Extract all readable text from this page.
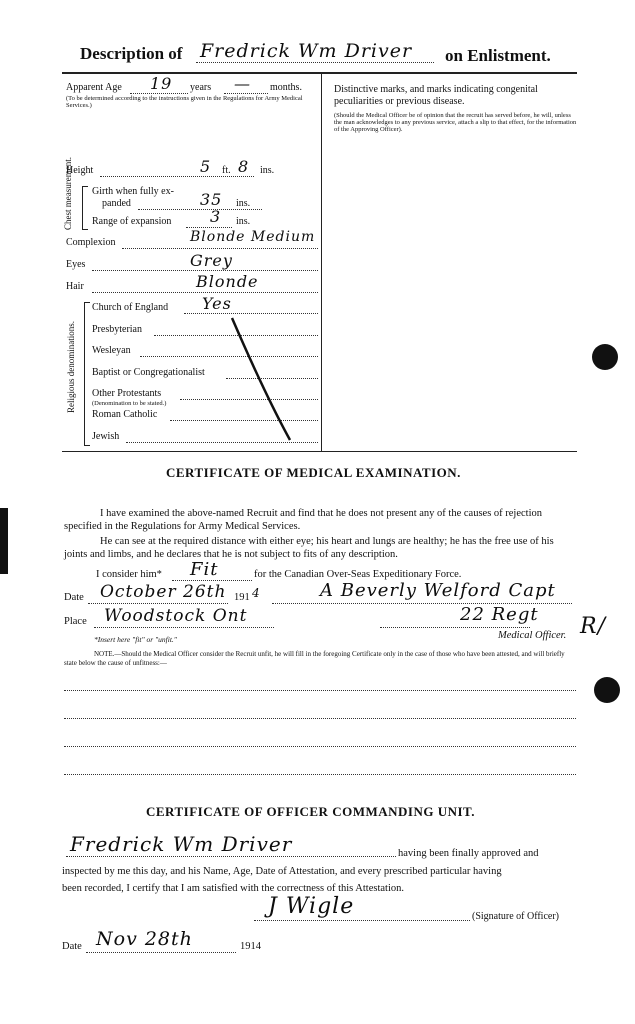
Description of Fredrick Wm Driver on Enlistment.
Apparent Age 19 years — months.
(To be determined according to the instructions given in the Regulations for Army Medical Services.)
Distinctive marks, and marks indicating congenital
peculiarities or previous disease.
(Should the Medical Officer be of opinion that the recruit has served before, he will, unless the man acknowledges to any previous service, attach a slip to that effect, for the information of the Approving Officer).
Height	5 ft. 8 ins.
Chest measurement. Girth when fully ex-
panded	35 ins.
Range of expansion 3 ins.
Complexion	Blonde Medium
Eyes	Grey
Hair	Blonde
Religious denominations.
Church of England Yes
Presbyterian
Wesleyan
Baptist or Congregationalist
Other Protestants
(Denomination to be stated.)
Roman Catholic
Jewish
CERTIFICATE OF MEDICAL EXAMINATION.
I have examined the above-named Recruit and find that he does not present any of the causes of rejection specified in the Regulations for Army Medical Services.
He can see at the required distance with either eye; his heart and lungs are healthy; he has the free use of his joints and limbs, and he declares that he is not subject to fits of any description.
I consider him* Fit	for the Canadian Over-Seas Expeditionary Force.
Date October 26th 191 4	A Beverly Welford Capt
Place Woodstock Ont	22 Regt R/
*Insert here "fit" or "unfit."	Medical Officer.
NOTE.—Should the Medical Officer consider the Recruit unfit, he will fill in the foregoing Certificate only in the case of those who have been attested, and will briefly state below the cause of unfitness:—
CERTIFICATE OF OFFICER COMMANDING UNIT.
Fredrick Wm Driver	having been finally approved and
inspected by me this day, and his Name, Age, Date of Attestation, and every prescribed particular having
been recorded, I certify that I am satisfied with the correctness of this Attestation.
J Wigle	(Signature of Officer)
Date Nov 28th	1914
